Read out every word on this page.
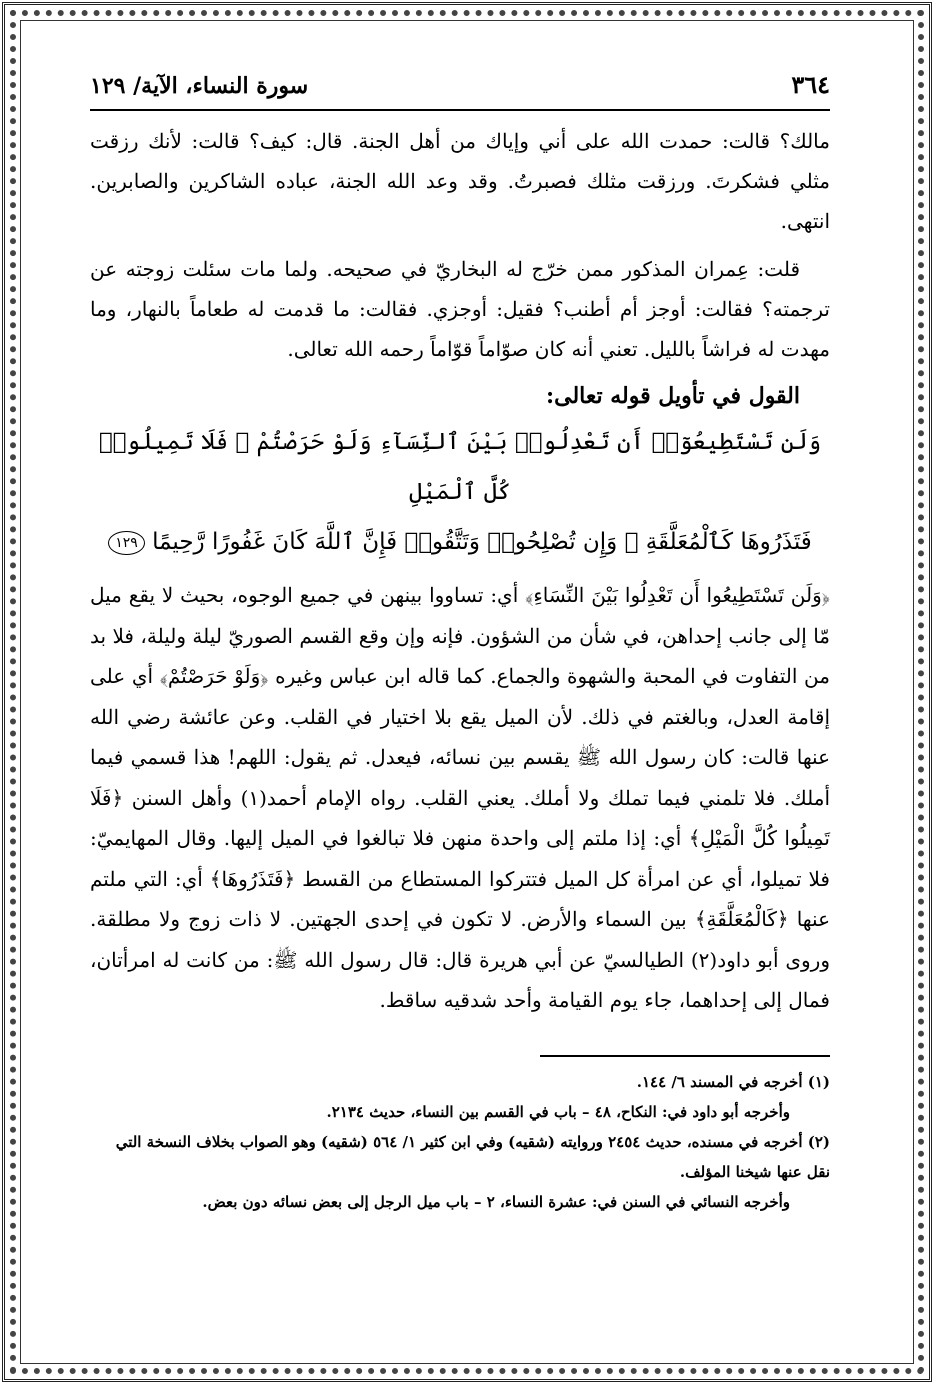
٣٦٤
سورة النساء، الآية/ ١٢٩

مالك؟ قالت: حمدت الله على أني وإياك من أهل الجنة. قال: كيف؟ قالت: لأنك رزقت مثلي فشكرتَ. ورزقت مثلك فصبرتُ. وقد وعد الله الجنة، عباده الشاكرين والصابرين. انتهى.

قلت: عِمران المذكور ممن خرّج له البخاريّ في صحيحه. ولما مات سئلت زوجته عن ترجمته؟ فقالت: أوجز أم أطنب؟ فقيل: أوجزي. فقالت: ما قدمت له طعاماً بالنهار، وما مهدت له فراشاً بالليل. تعني أنه كان صوّاماً قوّاماً رحمه الله تعالى.

القول في تأويل قوله تعالى:
وَلَن تَسْتَطِيعُوٓا۟ أَن تَعْدِلُوا۟ بَيْنَ ٱلنِّسَآءِ وَلَوْ حَرَصْتُمْ ۖ فَلَا تَمِيلُوا۟ كُلَّ ٱلْمَيْلِ
فَتَذَرُوهَا كَٱلْمُعَلَّقَةِ ۚ وَإِن تُصْلِحُوا۟ وَتَتَّقُوا۟ فَإِنَّ ٱللَّهَ كَانَ غَفُورًا رَّحِيمًا ١٢٩

﴿وَلَن تَسْتَطِيعُوا أَن تَعْدِلُوا بَيْنَ النِّسَاءِ﴾ أي: تساووا بينهن في جميع الوجوه، بحيث لا يقع ميل مّا إلى جانب إحداهن، في شأن من الشؤون. فإنه وإن وقع القسم الصوريّ ليلة وليلة، فلا بد من التفاوت في المحبة والشهوة والجماع. كما قاله ابن عباس وغيره ﴿وَلَوْ حَرَصْتُمْ﴾ أي على إقامة العدل، وبالغتم في ذلك. لأن الميل يقع بلا اختيار في القلب. وعن عائشة رضي الله عنها قالت: كان رسول الله ﷺ يقسم بين نسائه، فيعدل. ثم يقول: اللهم! هذا قسمي فيما أملك. فلا تلمني فيما تملك ولا أملك. يعني القلب. رواه الإمام أحمد(١) وأهل السنن ﴿فَلَا تَمِيلُوا كُلَّ الْمَيْلِ﴾ أي: إذا ملتم إلى واحدة منهن فلا تبالغوا في الميل إليها. وقال المهايميّ: فلا تميلوا، أي عن امرأة كل الميل فتتركوا المستطاع من القسط ﴿فَتَذَرُوهَا﴾ أي: التي ملتم عنها ﴿كَالْمُعَلَّقَةِ﴾ بين السماء والأرض. لا تكون في إحدى الجهتين. لا ذات زوج ولا مطلقة. وروى أبو داود(٢) الطيالسيّ عن أبي هريرة قال: قال رسول الله ﷺ: من كانت له امرأتان، فمال إلى إحداهما، جاء يوم القيامة وأحد شدقيه ساقط.

(١) أخرجه في المسند ٦/ ١٤٤.

وأخرجه أبو داود في: النكاح، ٤٨ – باب في القسم بين النساء، حديث ٢١٣٤.

(٢) أخرجه في مسنده، حديث ٢٤٥٤ وروايته (شقيه) وفي ابن كثير ١/ ٥٦٤ (شقيه) وهو الصواب بخلاف النسخة التي نقل عنها شيخنا المؤلف.

وأخرجه النسائي في السنن في: عشرة النساء، ٢ – باب ميل الرجل إلى بعض نسائه دون بعض.
